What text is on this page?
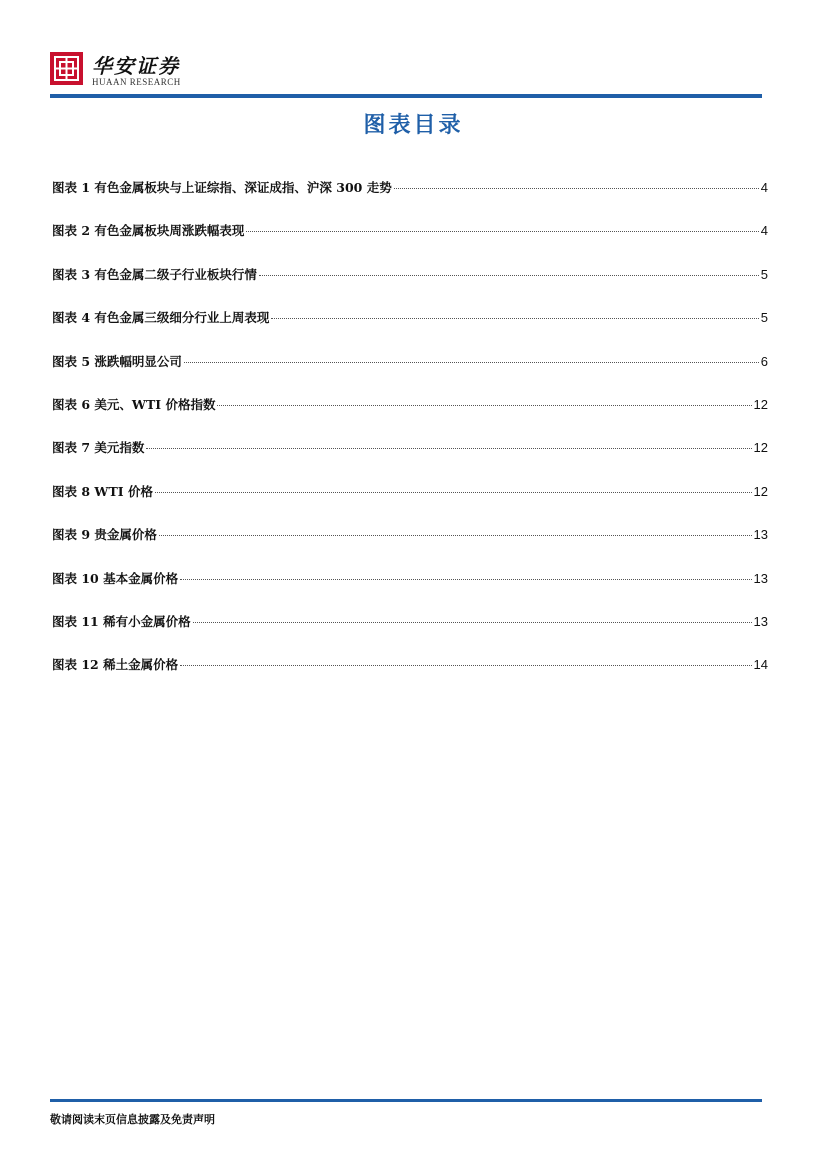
华安证券
HUAAN RESEARCH
图表目录
图表 1 有色金属板块与上证综指、深证成指、沪深 300 走势	4
图表 2 有色金属板块周涨跌幅表现	4
图表 3 有色金属二级子行业板块行情	5
图表 4 有色金属三级细分行业上周表现	5
图表 5 涨跌幅明显公司	6
图表 6 美元、WTI 价格指数	12
图表 7 美元指数	12
图表 8 WTI 价格	12
图表 9 贵金属价格	13
图表 10 基本金属价格	13
图表 11 稀有小金属价格	13
图表 12 稀土金属价格	14
敬请阅读末页信息披露及免责声明
